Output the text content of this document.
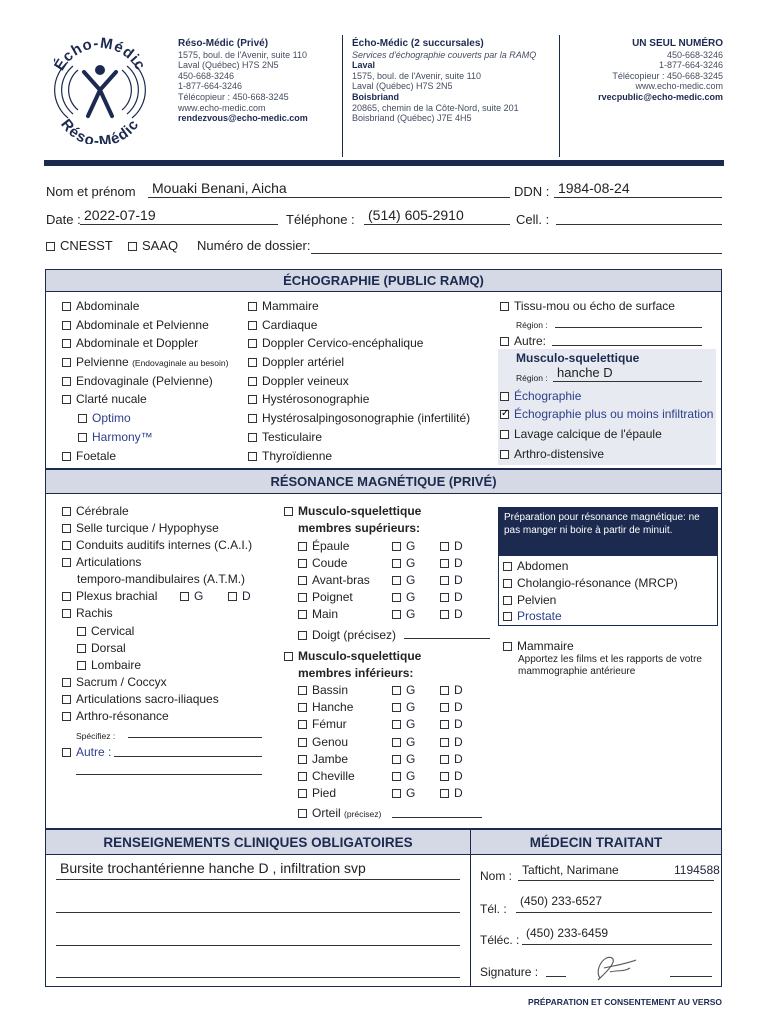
Écho-Médic
Réso-Médic
Réso-Médic (Privé)
1575, boul. de l'Avenir, suite 110
Laval (Québec) H7S 2N5
450-668-3246
1-877-664-3246
Télécopieur : 450-668-3245
www.echo-medic.com
rendezvous@echo-medic.com
Écho-Médic (2 succursales)
Services d'échographie couverts par la RAMQ
Laval
1575, boul. de l'Avenir, suite 110
Laval (Québec) H7S 2N5
Boisbriand
20865, chemin de la Côte-Nord, suite 201
Boisbriand (Québec) J7E 4H5
UN SEUL NUMÉRO
450-668-3246
1-877-664-3246
Télécopieur : 450-668-3245
www.echo-medic.com
rvecpublic@echo-medic.com
Nom et prénom Mouaki Benani, Aicha	DDN : 1984-08-24
Date : 2022-07-19	Téléphone : (514) 605-2910	Cell. :
CNESST	SAAQ Numéro de dossier:
ÉCHOGRAPHIE (PUBLIC RAMQ)
Abdominale
Abdominale et Pelvienne
Abdominale et Doppler
Pelvienne (Endovaginale au besoin)
Endovaginale (Pelvienne)
Clarté nucale
Optimo
Harmony™
Foetale
Mammaire
Cardiaque
Doppler Cervico-encéphalique
Doppler artériel
Doppler veineux
Hystérosonographie
Hystérosalpingosonographie (infertilité)
Testiculaire
Thyroïdienne
Tissu-mou ou écho de surface
Région :
Autre:
Musculo-squelettique
Région : hanche D
Échographie
✓Échographie plus ou moins infiltration
Lavage calcique de l'épaule
Arthro-distensive
RÉSONANCE MAGNÉTIQUE (PRIVÉ)
Cérébrale
Selle turcique / Hypophyse
Conduits auditifs internes (C.A.I.)
Articulations
temporo-mandibulaires (A.T.M.)
Plexus brachial	G	D
Rachis
Cervical
Dorsal
Lombaire
Sacrum / Coccyx
Articulations sacro-iliaques
Arthro-résonance
Spécifiez :
Autre :
Musculo-squelettique
membres supérieurs:
Épaule	G	D
Coude	G	D
Avant-bras	G	D
Poignet	G	D
Main	G	D
Doigt (précisez)
Musculo-squelettique
membres inférieurs:
Bassin	G	D
Hanche	G	D
Fémur	G	D
Genou	G	D
Jambe	G	D
Cheville	G	D
Pied	G	D
Orteil (précisez)
Préparation pour résonance magnétique: ne pas manger ni boire à partir de minuit.
Abdomen
Cholangio-résonance (MRCP)
Pelvien
Prostate
Mammaire
Apportez les films et les rapports de votre mammographie antérieure
RENSEIGNEMENTS CLINIQUES OBLIGATOIRES	MÉDECIN TRAITANT
Bursite trochantérienne hanche D , infiltration svp	Nom : Tafticht, Narimane	1194588
Tél. :
(450) 233-6527
Téléc. : (450) 233-6459
Signature :
PRÉPARATION ET CONSENTEMENT AU VERSO
